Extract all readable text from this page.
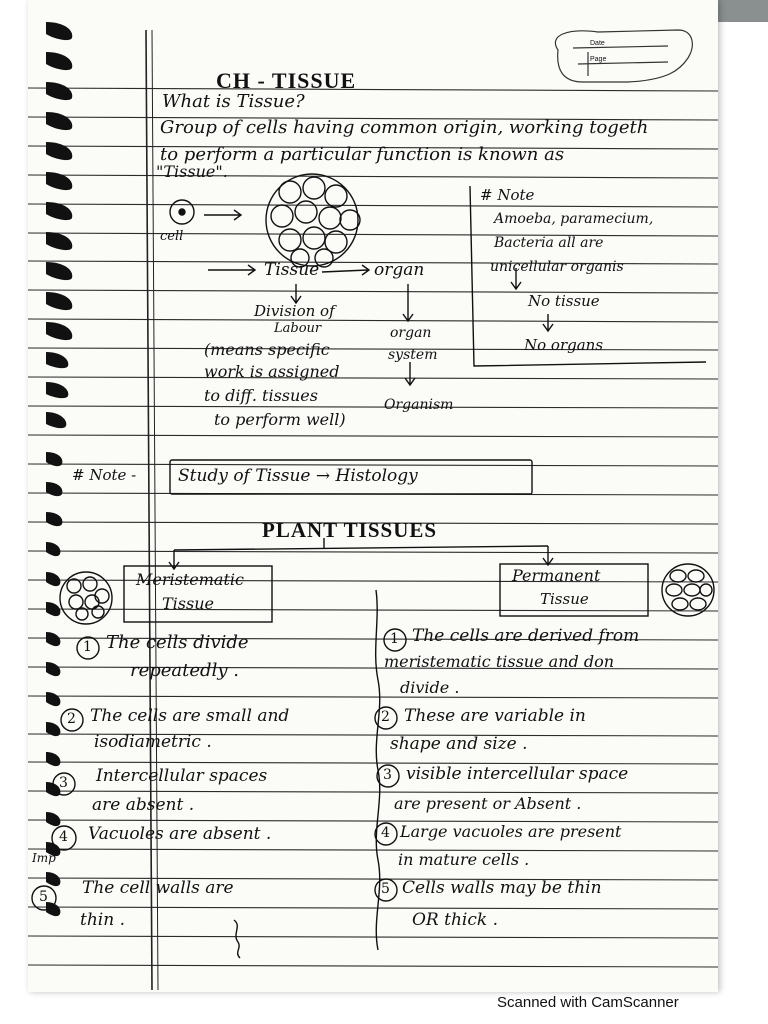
Date
Page
CH - TISSUE
What is Tissue?
Group of cells having common origin, working togeth
to perform a particular function is known as
"Tissue".
cell
Tissue	organ
Division of
Labour	organ
system
Organism
(means specific
work is assigned
to diff. tissues
to perform well)
# Note
Amoeba, paramecium,
Bacteria all are
unicellular organis
No tissue
No organs
# Note - Study of Tissue → Histology
PLANT TISSUES
Meristematic
Tissue
Permanent
Tissue
1
2
3
4
5
1
2
3
4
5
Imp
The cells divide
repeatedly .
The cells are small and
isodiametric .
Intercellular spaces
are absent .
Vacuoles are absent .
The cell walls are
thin .
The cells are derived from
meristematic tissue and don
divide .
These are variable in
shape and size .
visible intercellular space
are present or Absent .
Large vacuoles are present
in mature cells .
Cells walls may be thin
OR thick .
Scanned with CamScanner
